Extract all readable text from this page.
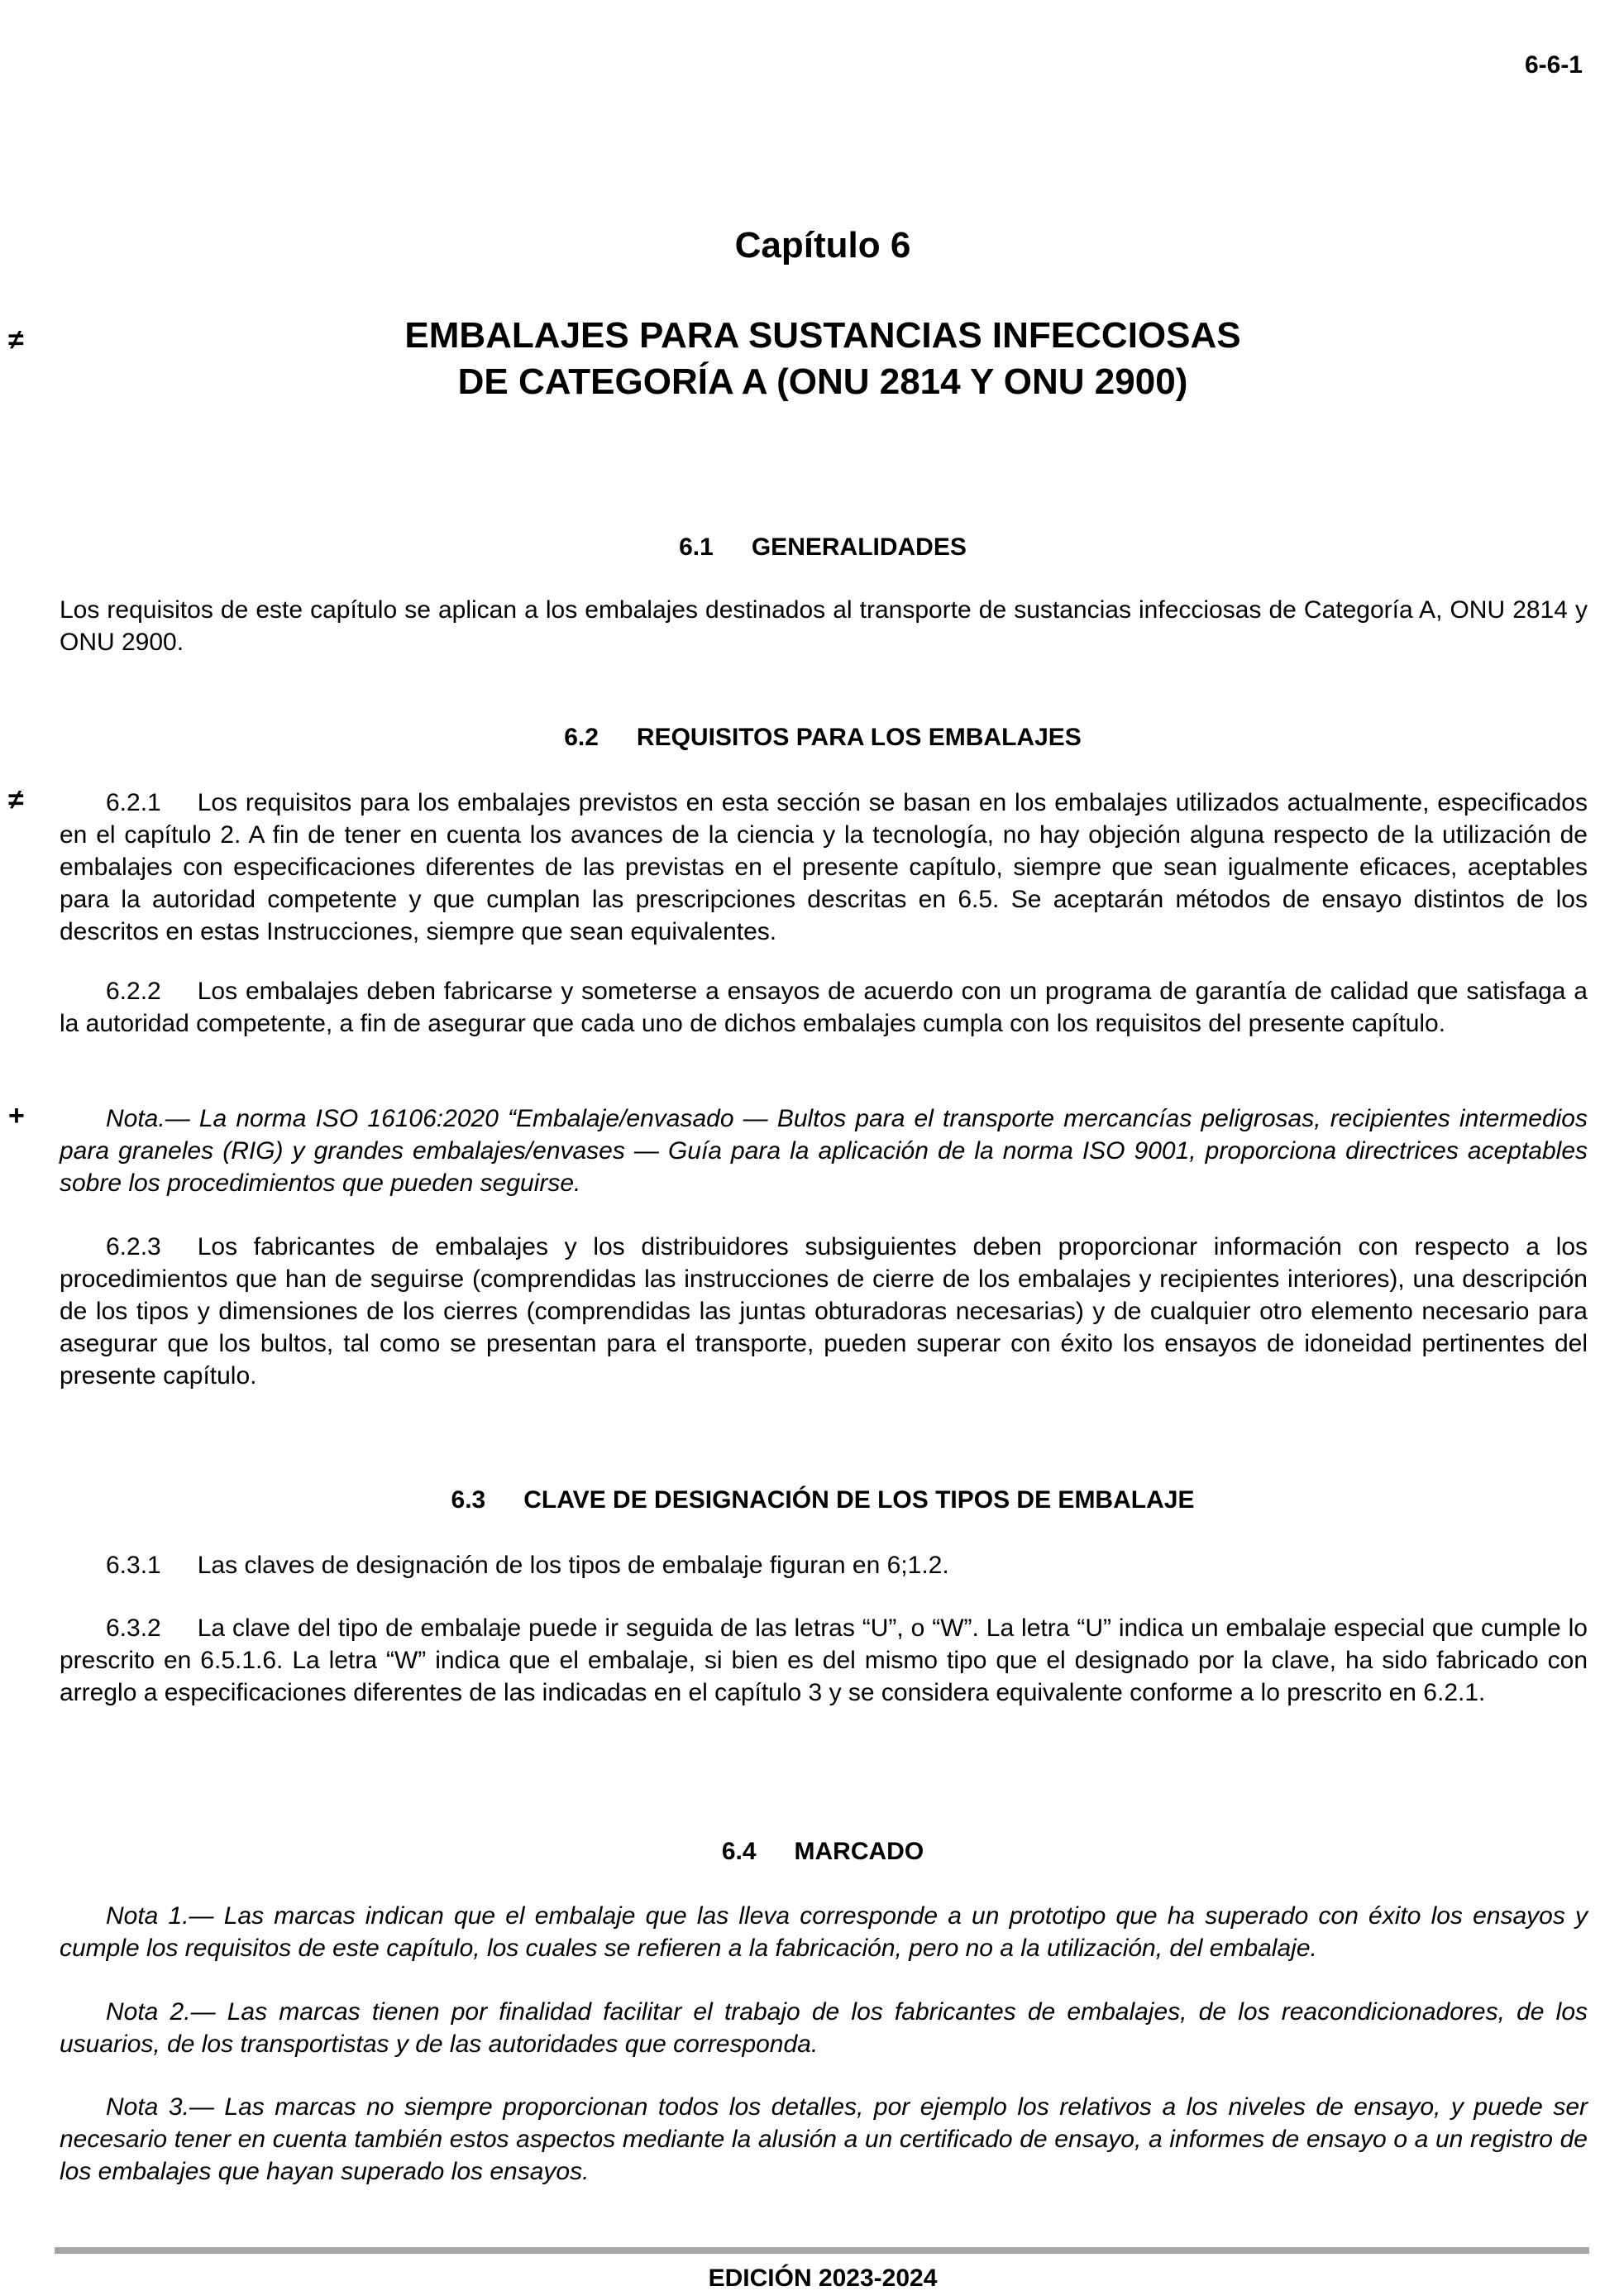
6-6-1
Capítulo 6
≠	EMBALAJES PARA SUSTANCIAS INFECCIOSAS
DE CATEGORÍA A (ONU 2814 Y ONU 2900)
6.1 GENERALIDADES
Los requisitos de este capítulo se aplican a los embalajes destinados al transporte de sustancias infecciosas de Categoría A, ONU 2814 y ONU 2900.
6.2 REQUISITOS PARA LOS EMBALAJES
≠	6.2.1 Los requisitos para los embalajes previstos en esta sección se basan en los embalajes utilizados actualmente, especificados en el capítulo 2. A fin de tener en cuenta los avances de la ciencia y la tecnología, no hay objeción alguna respecto de la utilización de embalajes con especificaciones diferentes de las previstas en el presente capítulo, siempre que sean igualmente eficaces, aceptables para la autoridad competente y que cumplan las prescripciones descritas en 6.5. Se aceptarán métodos de ensayo distintos de los descritos en estas Instrucciones, siempre que sean equivalentes.
6.2.2 Los embalajes deben fabricarse y someterse a ensayos de acuerdo con un programa de garantía de calidad que satisfaga a la autoridad competente, a fin de asegurar que cada uno de dichos embalajes cumpla con los requisitos del presente capítulo.
+	Nota.— La norma ISO 16106:2020 “Embalaje/envasado — Bultos para el transporte mercancías peligrosas, recipientes intermedios para graneles (RIG) y grandes embalajes/envases — Guía para la aplicación de la norma ISO 9001, proporciona directrices aceptables sobre los procedimientos que pueden seguirse.
6.2.3 Los fabricantes de embalajes y los distribuidores subsiguientes deben proporcionar información con respecto a los procedimientos que han de seguirse (comprendidas las instrucciones de cierre de los embalajes y recipientes interiores), una descripción de los tipos y dimensiones de los cierres (comprendidas las juntas obturadoras necesarias) y de cualquier otro elemento necesario para asegurar que los bultos, tal como se presentan para el transporte, pueden superar con éxito los ensayos de idoneidad pertinentes del presente capítulo.
6.3 CLAVE DE DESIGNACIÓN DE LOS TIPOS DE EMBALAJE
6.3.1 Las claves de designación de los tipos de embalaje figuran en 6;1.2.
6.3.2 La clave del tipo de embalaje puede ir seguida de las letras “U”, o “W”. La letra “U” indica un embalaje especial que cumple lo prescrito en 6.5.1.6. La letra “W” indica que el embalaje, si bien es del mismo tipo que el designado por la clave, ha sido fabricado con arreglo a especificaciones diferentes de las indicadas en el capítulo 3 y se considera equivalente conforme a lo prescrito en 6.2.1.
6.4 MARCADO
Nota 1.— Las marcas indican que el embalaje que las lleva corresponde a un prototipo que ha superado con éxito los ensayos y cumple los requisitos de este capítulo, los cuales se refieren a la fabricación, pero no a la utilización, del embalaje.
Nota 2.— Las marcas tienen por finalidad facilitar el trabajo de los fabricantes de embalajes, de los reacondicionadores, de los usuarios, de los transportistas y de las autoridades que corresponda.
Nota 3.— Las marcas no siempre proporcionan todos los detalles, por ejemplo los relativos a los niveles de ensayo, y puede ser necesario tener en cuenta también estos aspectos mediante la alusión a un certificado de ensayo, a informes de ensayo o a un registro de los embalajes que hayan superado los ensayos.
EDICIÓN 2023-2024
